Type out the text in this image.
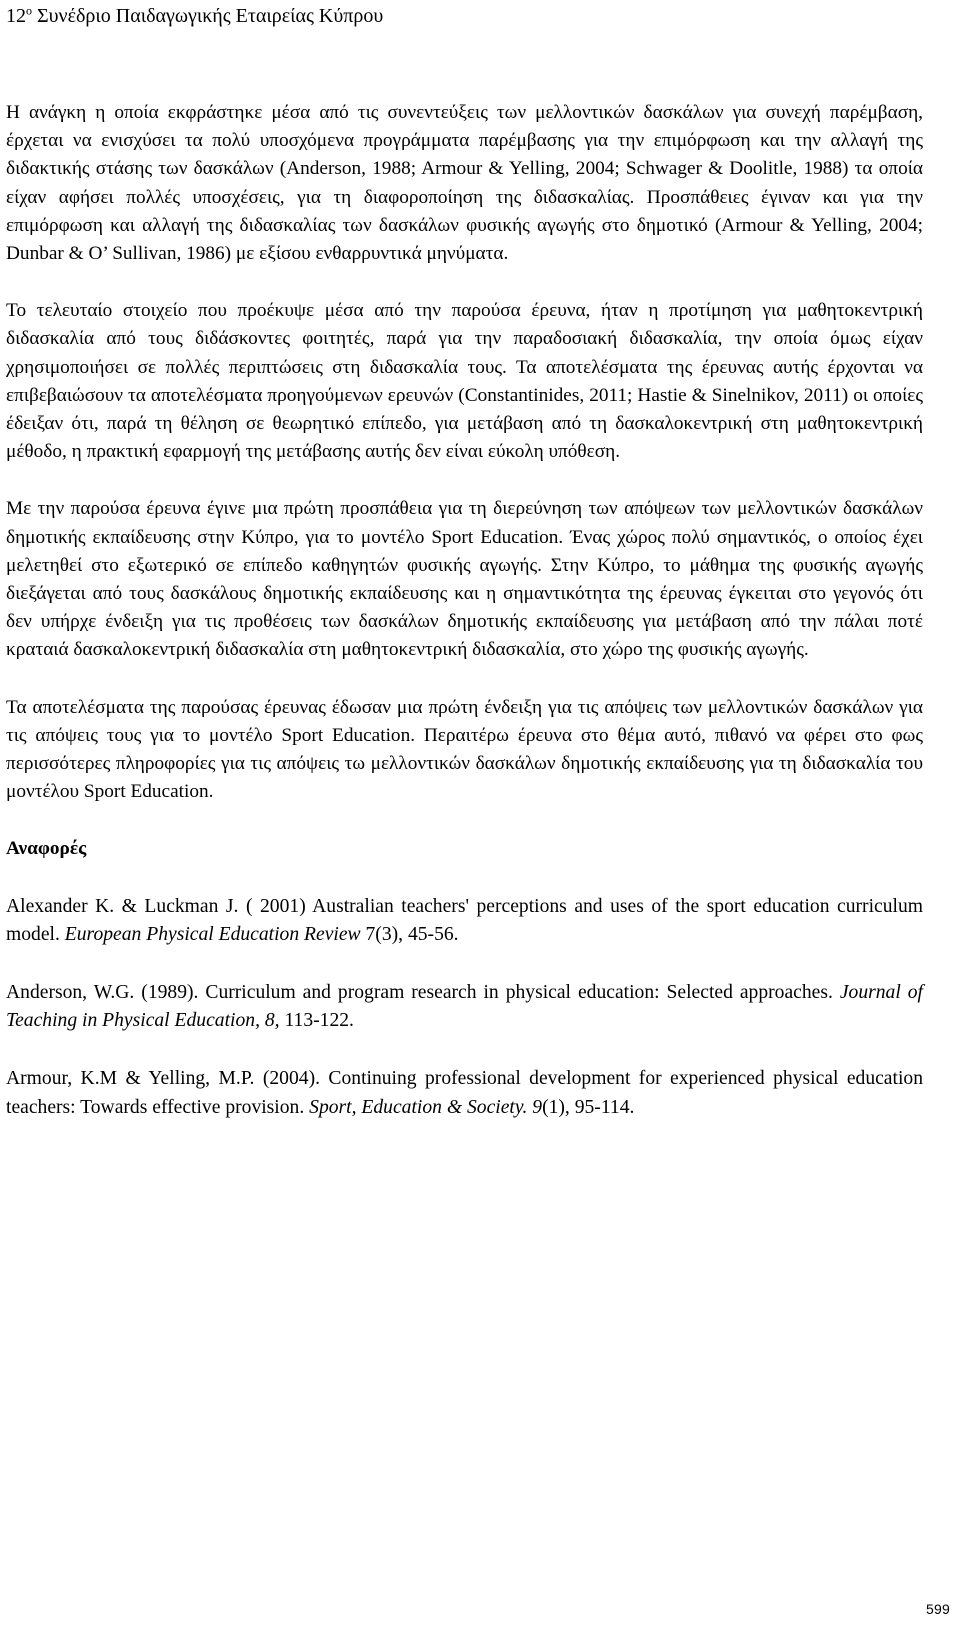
$12^o$ Συνέδριο Παιδαγωγικής Εταιρείας Κύπρου

Η ανάγκη η οποία εκφράστηκε μέσα από τις συνεντεύξεις των μελλοντικών δασκάλων για συνεχή παρέμβαση, έρχεται να ενισχύσει τα πολύ υποσχόμενα προγράμματα παρέμβασης για την επιμόρφωση και την αλλαγή της διδακτικής στάσης των δασκάλων (Anderson, 1988; Armour & Yelling, 2004; Schwager & Doolitle, 1988) τα οποία είχαν αφήσει πολλές υποσχέσεις, για τη διαφοροποίηση της διδασκαλίας. Προσπάθειες έγιναν και για την επιμόρφωση και αλλαγή της διδασκαλίας των δασκάλων φυσικής αγωγής στο δημοτικό (Armour & Yelling, 2004; Dunbar & O’ Sullivan, 1986) με εξίσου ενθαρρυντικά μηνύματα.

Το τελευταίο στοιχείο που προέκυψε μέσα από την παρούσα έρευνα, ήταν η προτίμηση για μαθητοκεντρική διδασκαλία από τους διδάσκοντες φοιτητές, παρά για την παραδοσιακή διδασκαλία, την οποία όμως είχαν χρησιμοποιήσει σε πολλές περιπτώσεις στη διδασκαλία τους. Τα αποτελέσματα της έρευνας αυτής έρχονται να επιβεβαιώσουν τα αποτελέσματα προηγούμενων ερευνών (Constantinides, 2011; Hastie & Sinelnikov, 2011) οι οποίες έδειξαν ότι, παρά τη θέληση σε θεωρητικό επίπεδο, για μετάβαση από τη δασκαλοκεντρική στη μαθητοκεντρική μέθοδο, η πρακτική εφαρμογή της μετάβασης αυτής δεν είναι εύκολη υπόθεση.

Με την παρούσα έρευνα έγινε μια πρώτη προσπάθεια για τη διερεύνηση των απόψεων των μελλοντικών δασκάλων δημοτικής εκπαίδευσης στην Κύπρο, για το μοντέλο Sport Education. Ένας χώρος πολύ σημαντικός, ο οποίος έχει μελετηθεί στο εξωτερικό σε επίπεδο καθηγητών φυσικής αγωγής. Στην Κύπρο, το μάθημα της φυσικής αγωγής διεξάγεται από τους δασκάλους δημοτικής εκπαίδευσης και η σημαντικότητα της έρευνας έγκειται στο γεγονός ότι δεν υπήρχε ένδειξη για τις προθέσεις των δασκάλων δημοτικής εκπαίδευσης για μετάβαση από την πάλαι ποτέ κραταιά δασκαλοκεντρική διδασκαλία στη μαθητοκεντρική διδασκαλία, στο χώρο της φυσικής αγωγής.

Τα αποτελέσματα της παρούσας έρευνας έδωσαν μια πρώτη ένδειξη για τις απόψεις των μελλοντικών δασκάλων για τις απόψεις τους για το μοντέλο Sport Education. Περαιτέρω έρευνα στο θέμα αυτό, πιθανό να φέρει στο φως περισσότερες πληροφορίες για τις απόψεις τω μελλοντικών δασκάλων δημοτικής εκπαίδευσης για τη διδασκαλία του μοντέλου Sport Education.

Αναφορές

Alexander K. & Luckman J. ( 2001) Australian teachers' perceptions and uses of the sport education curriculum model. European Physical Education Review 7(3), 45-56.

Anderson, W.G. (1989). Curriculum and program research in physical education: Selected approaches. Journal of Teaching in Physical Education, 8, 113-122.

Armour, K.M & Yelling, M.P. (2004). Continuing professional development for experienced physical education teachers: Towards effective provision. Sport, Education & Society. 9(1), 95-114.

599
